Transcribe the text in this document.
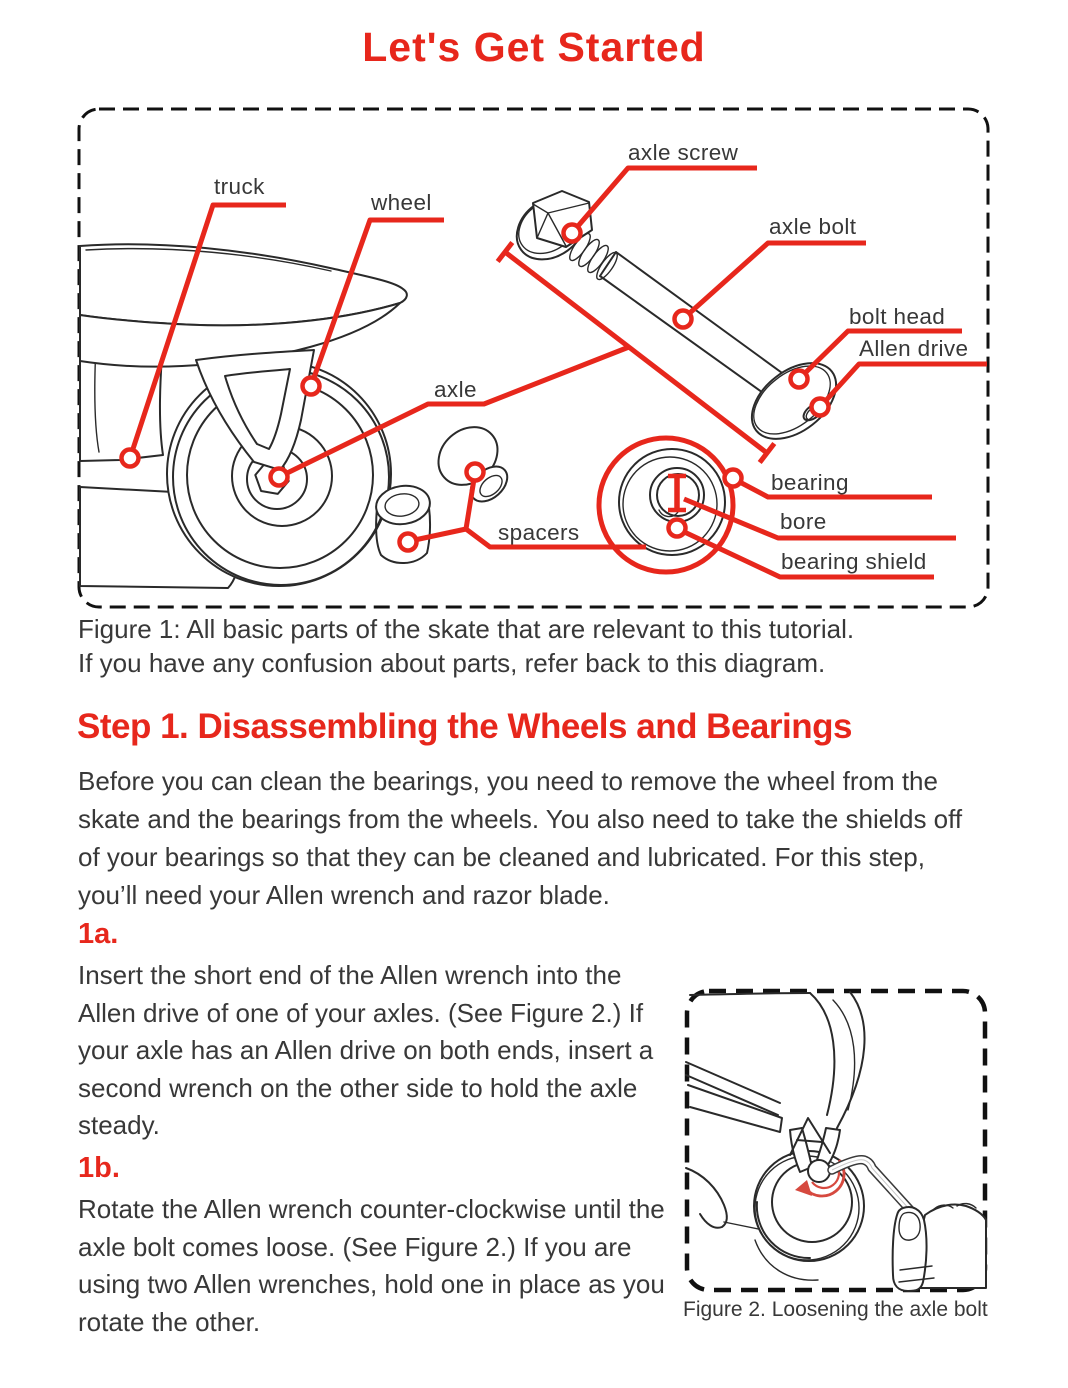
truck
wheel
axle screw
axle bolt
bolt head
Allen drive
axle
spacers
bearing
bore
bearing shield
Let's Get Started
Figure 1: All basic parts of the skate that are relevant to this tutorial.
If you have any confusion about parts, refer back to this diagram.
Step 1. Disassembling the Wheels and Bearings
Before you can clean the bearings, you need to remove the wheel from the skate and the bearings from the wheels. You also need to take the shields off of your bearings so that they can be cleaned and lubricated. For this step, you’ll need your Allen wrench and razor blade.
1a.
Insert the short end of the Allen wrench into the Allen drive of one of your axles. (See Figure 2.) If your axle has an Allen drive on both ends, insert a second wrench on the other side to hold the axle steady.
1b.
Rotate the Allen wrench counter-clockwise until the axle bolt comes loose. (See Figure 2.) If you are using two Allen wrenches, hold one in place as you rotate the other.	Figure 2. Loosening the axle bolt
